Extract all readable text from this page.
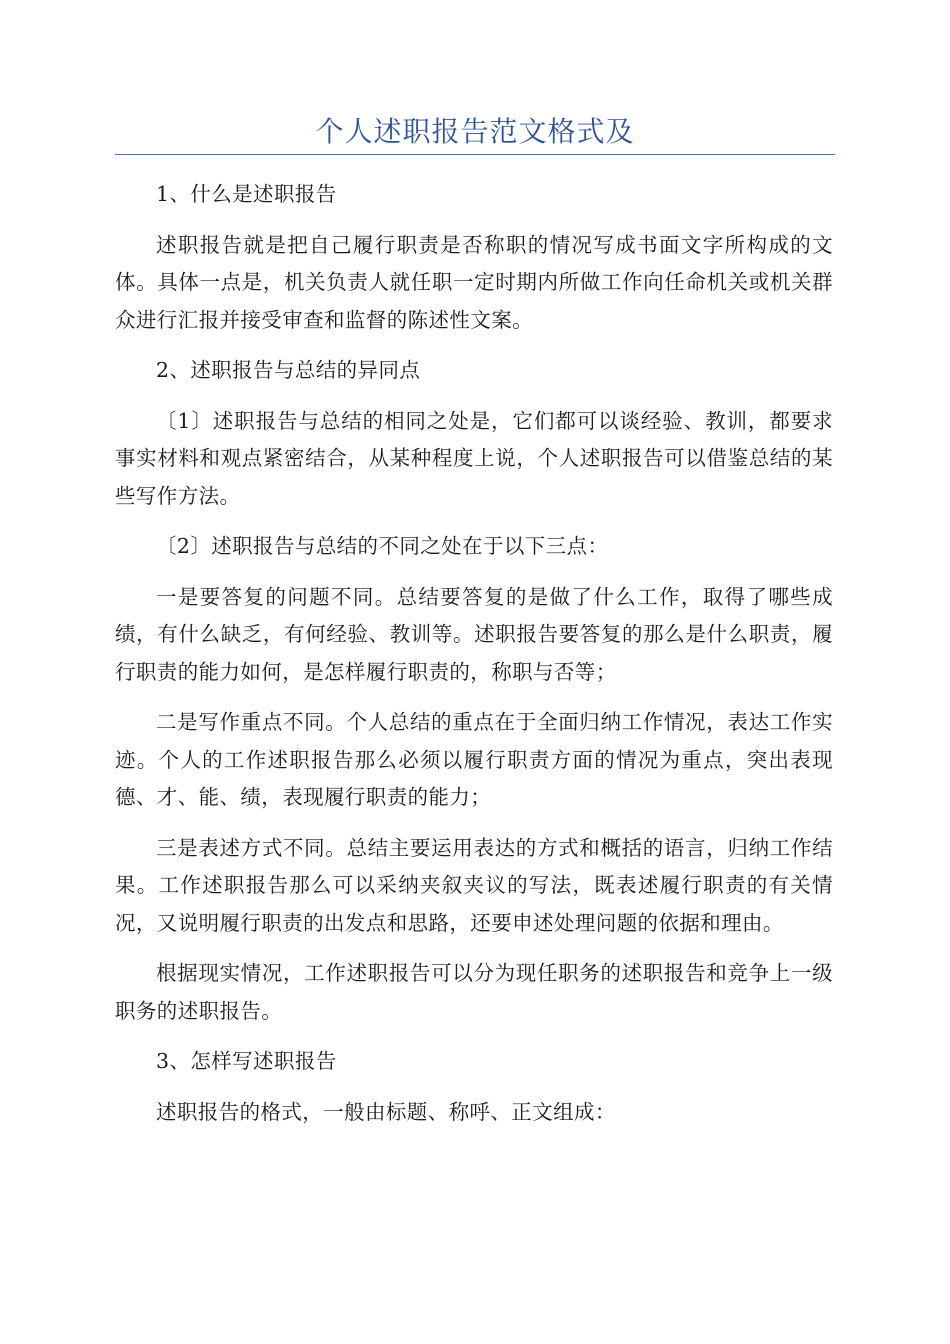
个人述职报告范文格式及

1、什么是述职报告

述职报告就是把自己履行职责是否称职的情况写成书面文字所构成的文体。具体一点是，机关负责人就任职一定时期内所做工作向任命机关或机关群众进行汇报并接受审查和监督的陈述性文案。

2、述职报告与总结的异同点

〔1〕述职报告与总结的相同之处是，它们都可以谈经验、教训，都要求事实材料和观点紧密结合，从某种程度上说，个人述职报告可以借鉴总结的某些写作方法。

〔2〕述职报告与总结的不同之处在于以下三点：

一是要答复的问题不同。总结要答复的是做了什么工作，取得了哪些成绩，有什么缺乏，有何经验、教训等。述职报告要答复的那么是什么职责，履行职责的能力如何，是怎样履行职责的，称职与否等；

二是写作重点不同。个人总结的重点在于全面归纳工作情况，表达工作实迹。个人的工作述职报告那么必须以履行职责方面的情况为重点，突出表现德、才、能、绩，表现履行职责的能力；

三是表述方式不同。总结主要运用表达的方式和概括的语言，归纳工作结果。工作述职报告那么可以采纳夹叙夹议的写法，既表述履行职责的有关情况，又说明履行职责的出发点和思路，还要申述处理问题的依据和理由。

根据现实情况，工作述职报告可以分为现任职务的述职报告和竞争上一级职务的述职报告。

3、怎样写述职报告

述职报告的格式，一般由标题、称呼、正文组成：
